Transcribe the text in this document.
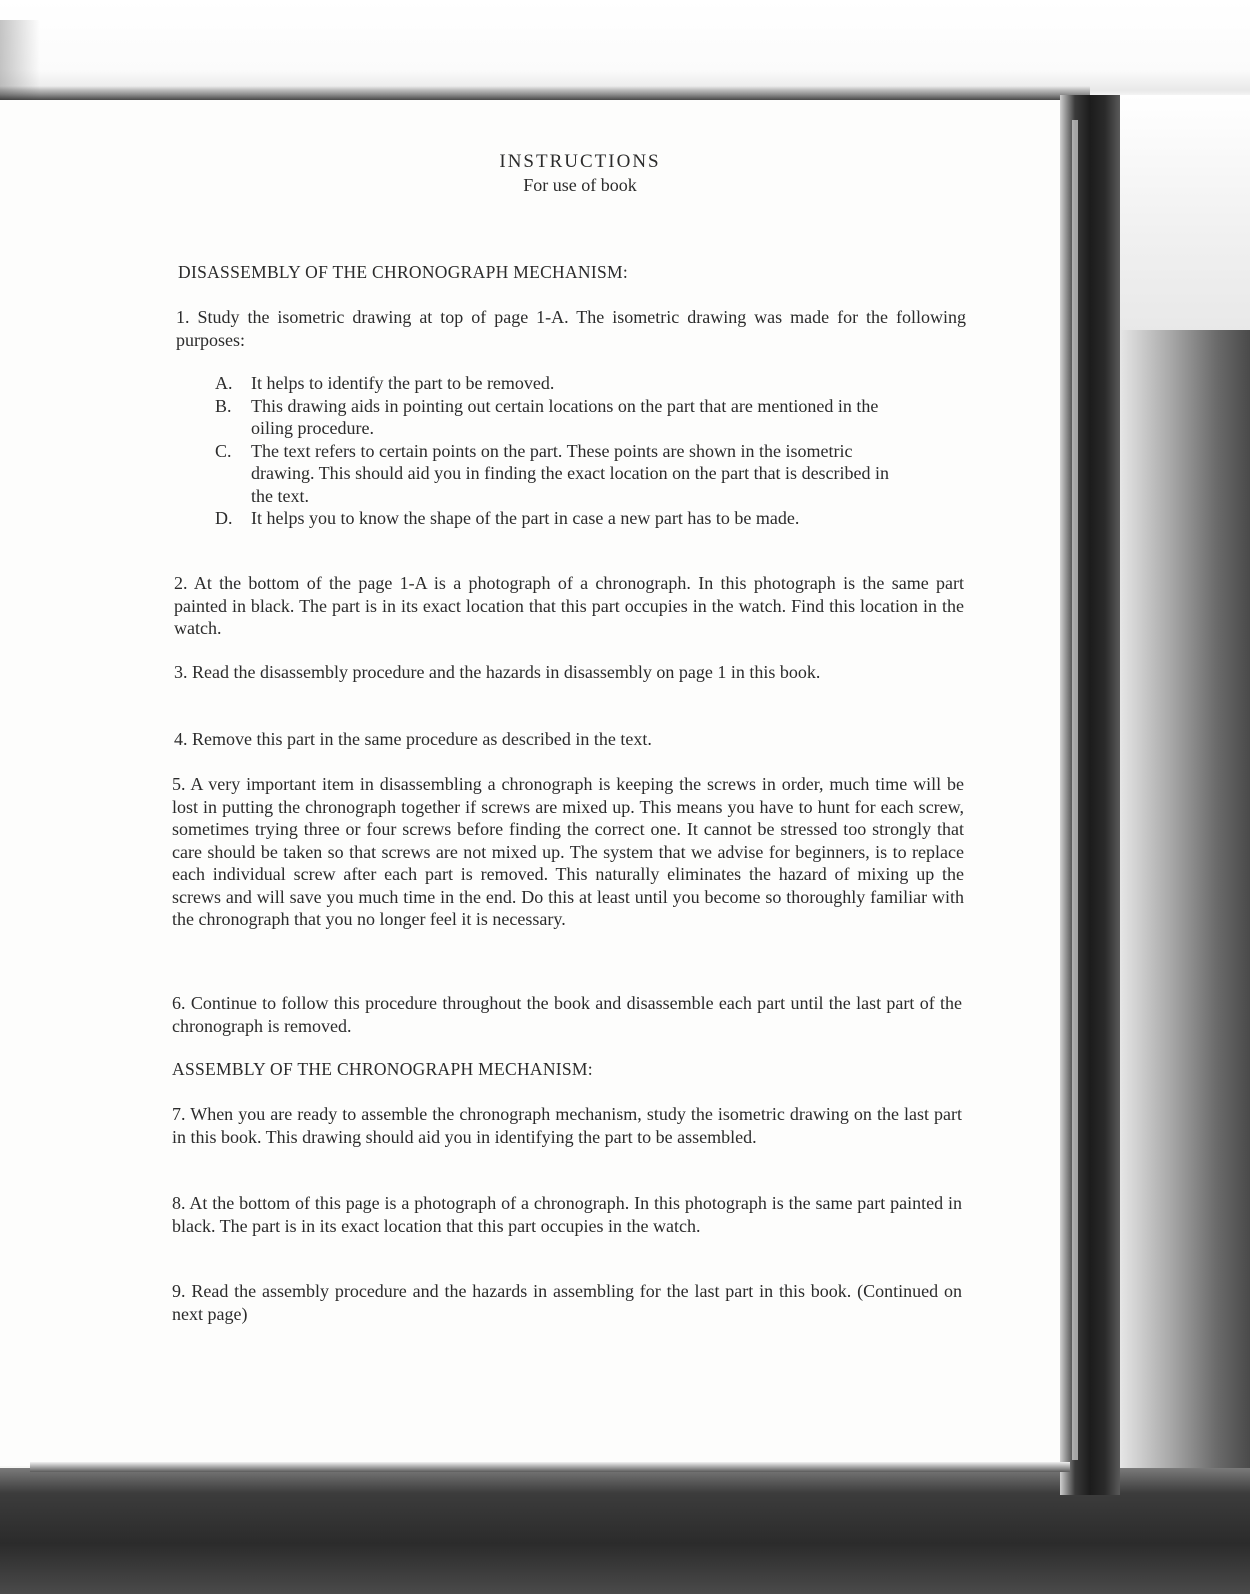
INSTRUCTIONS
For use of book
DISASSEMBLY OF THE CHRONOGRAPH MECHANISM:
1. Study the isometric drawing at top of page 1-A. The isometric drawing was made for the following purposes:
A.	It helps to identify the part to be removed.
B.	This drawing aids in pointing out certain locations on the part that are mentioned in the oiling procedure.
C.	The text refers to certain points on the part. These points are shown in the isometric drawing. This should aid you in finding the exact location on the part that is described in the text.
D.	It helps you to know the shape of the part in case a new part has to be made.
2. At the bottom of the page 1-A is a photograph of a chronograph. In this photograph is the same part painted in black. The part is in its exact location that this part occupies in the watch. Find this location in the watch.
3. Read the disassembly procedure and the hazards in disassembly on page 1 in this book.
4. Remove this part in the same procedure as described in the text.
5. A very important item in disassembling a chronograph is keeping the screws in order, much time will be lost in putting the chronograph together if screws are mixed up. This means you have to hunt for each screw, sometimes trying three or four screws before finding the correct one. It cannot be stressed too strongly that care should be taken so that screws are not mixed up. The system that we advise for beginners, is to replace each individual screw after each part is removed. This naturally eliminates the hazard of mixing up the screws and will save you much time in the end. Do this at least until you become so thoroughly familiar with the chronograph that you no longer feel it is necessary.
6. Continue to follow this procedure throughout the book and disassemble each part until the last part of the chronograph is removed.
ASSEMBLY OF THE CHRONOGRAPH MECHANISM:
7. When you are ready to assemble the chronograph mechanism, study the isometric drawing on the last part in this book. This drawing should aid you in identifying the part to be assembled.
8. At the bottom of this page is a photograph of a chronograph. In this photograph is the same part painted in black. The part is in its exact location that this part occupies in the watch.
9. Read the assembly procedure and the hazards in assembling for the last part in this book. (Continued on next page)
